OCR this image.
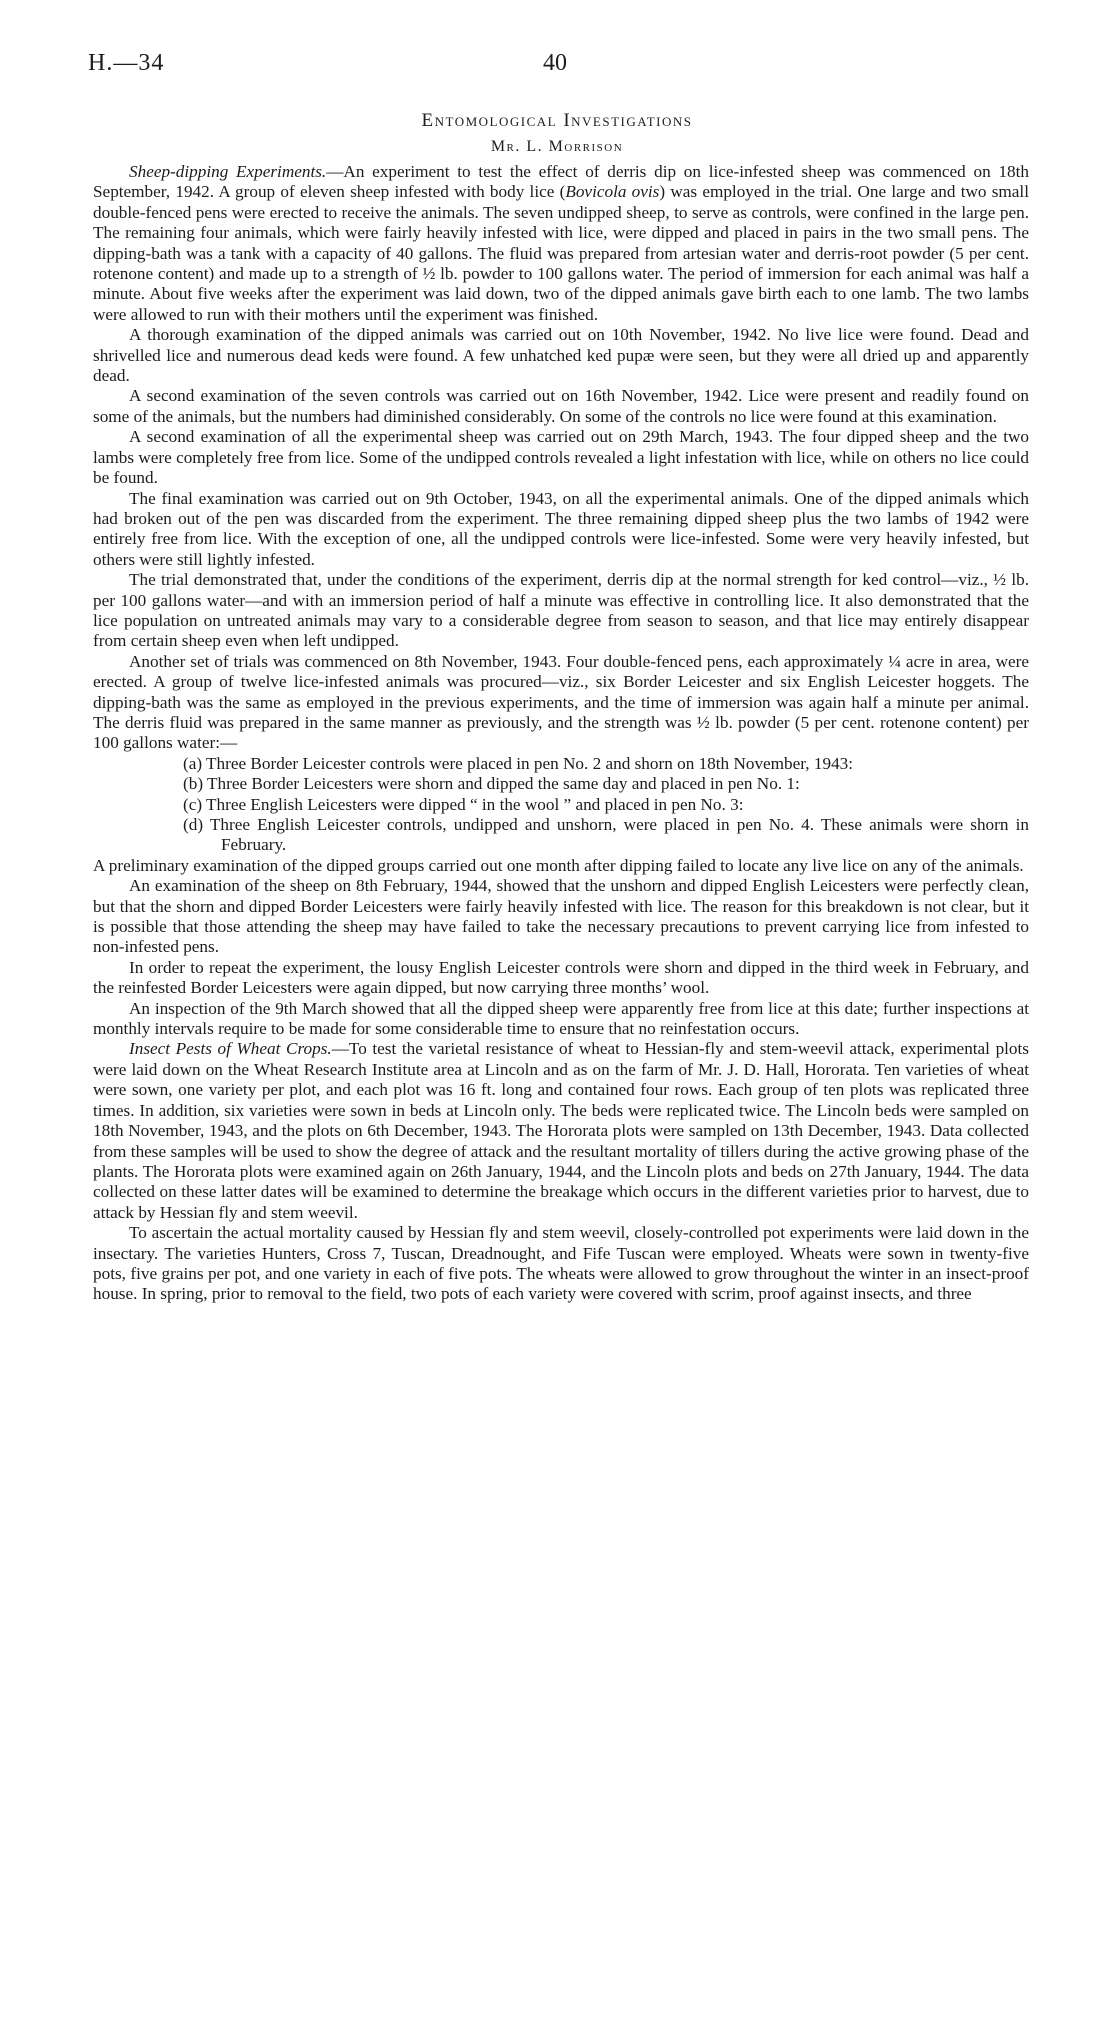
H.—34	40
Entomological Investigations
Mr. L. Morrison

Sheep-dipping Experiments.—An experiment to test the effect of derris dip on lice-infested sheep was commenced on 18th September, 1942. A group of eleven sheep infested with body lice (Bovicola ovis) was employed in the trial. One large and two small double-fenced pens were erected to receive the animals. The seven undipped sheep, to serve as controls, were confined in the large pen. The remaining four animals, which were fairly heavily infested with lice, were dipped and placed in pairs in the two small pens. The dipping-bath was a tank with a capacity of 40 gallons. The fluid was prepared from artesian water and derris-root powder (5 per cent. rotenone content) and made up to a strength of ½ lb. powder to 100 gallons water. The period of immersion for each animal was half a minute. About five weeks after the experiment was laid down, two of the dipped animals gave birth each to one lamb. The two lambs were allowed to run with their mothers until the experiment was finished.

A thorough examination of the dipped animals was carried out on 10th November, 1942. No live lice were found. Dead and shrivelled lice and numerous dead keds were found. A few unhatched ked pupæ were seen, but they were all dried up and apparently dead.

A second examination of the seven controls was carried out on 16th November, 1942. Lice were present and readily found on some of the animals, but the numbers had diminished considerably. On some of the controls no lice were found at this examination.

A second examination of all the experimental sheep was carried out on 29th March, 1943. The four dipped sheep and the two lambs were completely free from lice. Some of the undipped controls revealed a light infestation with lice, while on others no lice could be found.

The final examination was carried out on 9th October, 1943, on all the experimental animals. One of the dipped animals which had broken out of the pen was discarded from the experiment. The three remaining dipped sheep plus the two lambs of 1942 were entirely free from lice. With the exception of one, all the undipped controls were lice-infested. Some were very heavily infested, but others were still lightly infested.

The trial demonstrated that, under the conditions of the experiment, derris dip at the normal strength for ked control—viz., ½ lb. per 100 gallons water—and with an immersion period of half a minute was effective in controlling lice. It also demonstrated that the lice population on untreated animals may vary to a considerable degree from season to season, and that lice may entirely disappear from certain sheep even when left undipped.

Another set of trials was commenced on 8th November, 1943. Four double-fenced pens, each approximately ¼ acre in area, were erected. A group of twelve lice-infested animals was procured—viz., six Border Leicester and six English Leicester hoggets. The dipping-bath was the same as employed in the previous experiments, and the time of immersion was again half a minute per animal. The derris fluid was prepared in the same manner as previously, and the strength was ½ lb. powder (5 per cent. rotenone content) per 100 gallons water:—

(a) Three Border Leicester controls were placed in pen No. 2 and shorn on 18th November, 1943:
(b) Three Border Leicesters were shorn and dipped the same day and placed in pen No. 1:
(c) Three English Leicesters were dipped “ in the wool ” and placed in pen No. 3:
(d) Three English Leicester controls, undipped and unshorn, were placed in pen No. 4. These animals were shorn in February.

A preliminary examination of the dipped groups carried out one month after dipping failed to locate any live lice on any of the animals.

An examination of the sheep on 8th February, 1944, showed that the unshorn and dipped English Leicesters were perfectly clean, but that the shorn and dipped Border Leicesters were fairly heavily infested with lice. The reason for this breakdown is not clear, but it is possible that those attending the sheep may have failed to take the necessary precautions to prevent carrying lice from infested to non-infested pens.

In order to repeat the experiment, the lousy English Leicester controls were shorn and dipped in the third week in February, and the reinfested Border Leicesters were again dipped, but now carrying three months’ wool.

An inspection of the 9th March showed that all the dipped sheep were apparently free from lice at this date; further inspections at monthly intervals require to be made for some considerable time to ensure that no reinfestation occurs.

Insect Pests of Wheat Crops.—To test the varietal resistance of wheat to Hessian-fly and stem-weevil attack, experimental plots were laid down on the Wheat Research Institute area at Lincoln and as on the farm of Mr. J. D. Hall, Hororata. Ten varieties of wheat were sown, one variety per plot, and each plot was 16 ft. long and contained four rows. Each group of ten plots was replicated three times. In addition, six varieties were sown in beds at Lincoln only. The beds were replicated twice. The Lincoln beds were sampled on 18th November, 1943, and the plots on 6th December, 1943. The Hororata plots were sampled on 13th December, 1943. Data collected from these samples will be used to show the degree of attack and the resultant mortality of tillers during the active growing phase of the plants. The Hororata plots were examined again on 26th January, 1944, and the Lincoln plots and beds on 27th January, 1944. The data collected on these latter dates will be examined to determine the breakage which occurs in the different varieties prior to harvest, due to attack by Hessian fly and stem weevil.

To ascertain the actual mortality caused by Hessian fly and stem weevil, closely-controlled pot experiments were laid down in the insectary. The varieties Hunters, Cross 7, Tuscan, Dreadnought, and Fife Tuscan were employed. Wheats were sown in twenty-five pots, five grains per pot, and one variety in each of five pots. The wheats were allowed to grow throughout the winter in an insect-proof house. In spring, prior to removal to the field, two pots of each variety were covered with scrim, proof against insects, and three
